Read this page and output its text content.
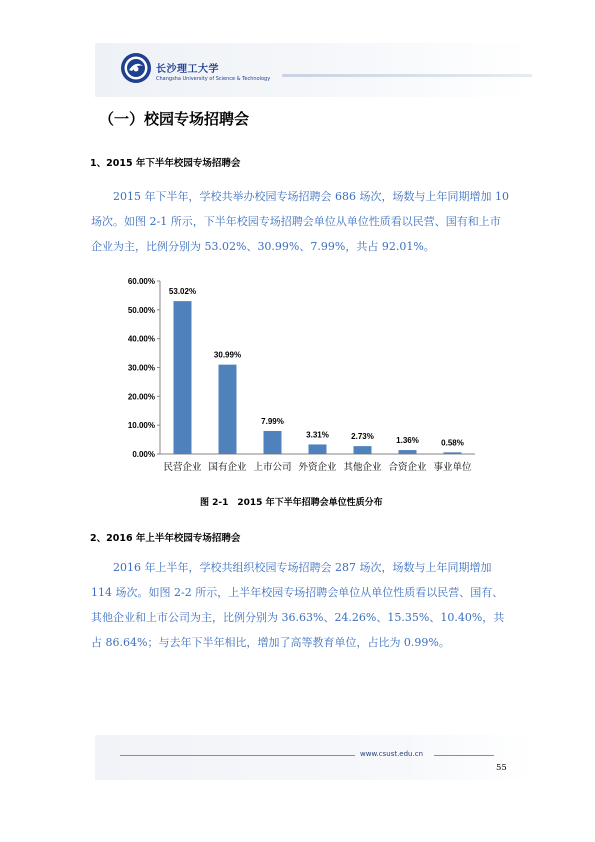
长沙理工大学
Changsha University of Science & Technology
（一）校园专场招聘会
1、2015 年下半年校园专场招聘会
2015 年下半年，学校共举办校园专场招聘会 686 场次，场数与上年同期增加 10 场次。如图 2-1 所示，下半年校园专场招聘会单位从单位性质看以民营、国有和上市企业为主，比例分别为 53.02%、30.99%、7.99%，共占 92.01%。
0.00%
10.00%
20.00%
30.00%
40.00%
50.00%
60.00%
53.02%
民营企业
30.99%
国有企业
7.99%
上市公司
3.31%
外资企业
2.73%
其他企业
1.36%
合资企业
0.58%
事业单位
图 2-1　2015 年下半年招聘会单位性质分布
2、2016 年上半年校园专场招聘会
2016 年上半年，学校共组织校园专场招聘会 287 场次，场数与上年同期增加 114 场次。如图 2-2 所示，上半年校园专场招聘会单位从单位性质看以民营、国有、其他企业和上市公司为主，比例分别为 36.63%、24.26%、15.35%、10.40%，共占 86.64%；与去年下半年相比，增加了高等教育单位，占比为 0.99%。
www.csust.edu.cn
55
